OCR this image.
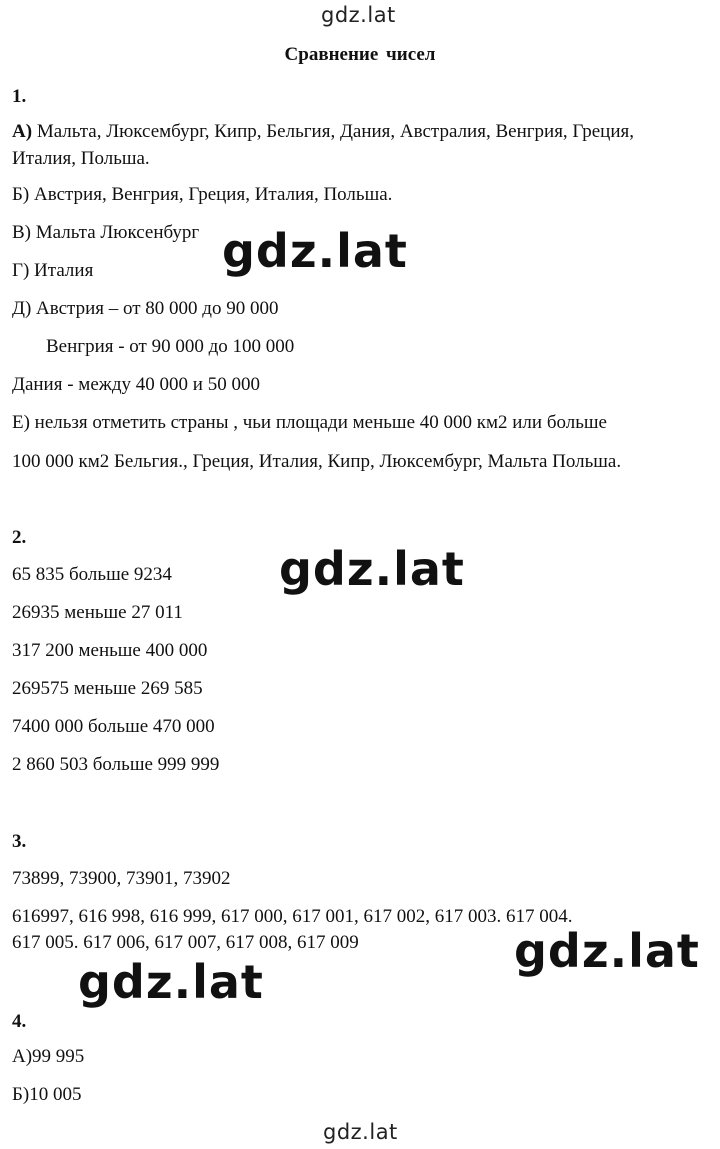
gdz.lat
Сравнение чисел
1.
А) Мальта, Люксембург, Кипр, Бельгия, Дания, Австралия, Венгрия, Греция,
Италия, Польша.
Б) Австрия, Венгрия, Греция, Италия, Польша.
В) Мальта Люксенбург
Г) Италия
Д) Австрия – от 80 000 до 90 000
Венгрия - от 90 000 до 100 000
Дания - между 40 000 и 50 000
Е) нельзя отметить страны , чьи площади меньше 40 000 км2 или больше
100 000 км2 Бельгия., Греция, Италия, Кипр, Люксембург, Мальта Польша.
gdz.lat
2.
65 835 больше 9234
26935 меньше 27 011
317 200 меньше 400 000
269575 меньше 269 585
7400 000 больше 470 000
2 860 503 больше 999 999
gdz.lat
3.
73899, 73900, 73901, 73902
616997, 616 998, 616 999, 617 000, 617 001, 617 002, 617 003. 617 004.
617 005. 617 006, 617 007, 617 008, 617 009	gdz.lat
gdz.lat
4.
А)99 995
Б)10 005
gdz.lat
